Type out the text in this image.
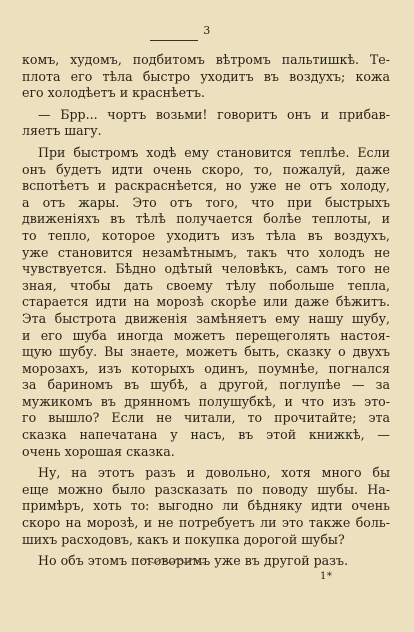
3
комъ, худомъ, подбитомъ вѣтромъ пальтишкѣ. Те-
плота его тѣла быстро уходитъ въ воздухъ; кожа
его холодѣетъ и краснѣетъ.
— Брр... чортъ возьми! говоритъ онъ и прибав-
ляетъ шагу.
При быстромъ ходѣ ему становится теплѣе. Если
онъ будетъ идти очень скоро, то, пожалуй, даже
вспотѣетъ и раскраснѣется, но уже не отъ холоду,
а отъ жары. Это отъ того, что при быстрыхъ
движеніяхъ въ тѣлѣ получается болѣе теплоты, и
то тепло, которое уходитъ изъ тѣла въ воздухъ,
уже становится незамѣтнымъ, такъ что холодъ не
чувствуется. Бѣдно одѣтый человѣкъ, самъ того не
зная, чтобы дать своему тѣлу побольше тепла,
старается идти на морозѣ скорѣе или даже бѣжитъ.
Эта быстрота движенія замѣняетъ ему нашу шубу,
и его шуба иногда можетъ перещеголять настоя-
щую шубу. Вы знаете, можетъ быть, сказку о двухъ
морозахъ, изъ которыхъ одинъ, поумнѣе, погнался
за бариномъ въ шубѣ, а другой, поглупѣе — за
мужикомъ въ дрянномъ полушубкѣ, и что изъ это-
го вышло? Если не читали, то прочитайте; эта
сказка напечатана у насъ, въ этой книжкѣ, —
очень хорошая сказка.
Ну, на этотъ разъ и довольно, хотя много бы
еще можно было разсказать по поводу шубы. На-
примѣръ, хоть то: выгодно ли бѣдняку идти очень
скоро на морозѣ, и не потребуетъ ли это также боль-
шихъ расходовъ, какъ и покупка дорогой шубы?
Но объ этомъ поговоримъ уже въ другой разъ.
1*
